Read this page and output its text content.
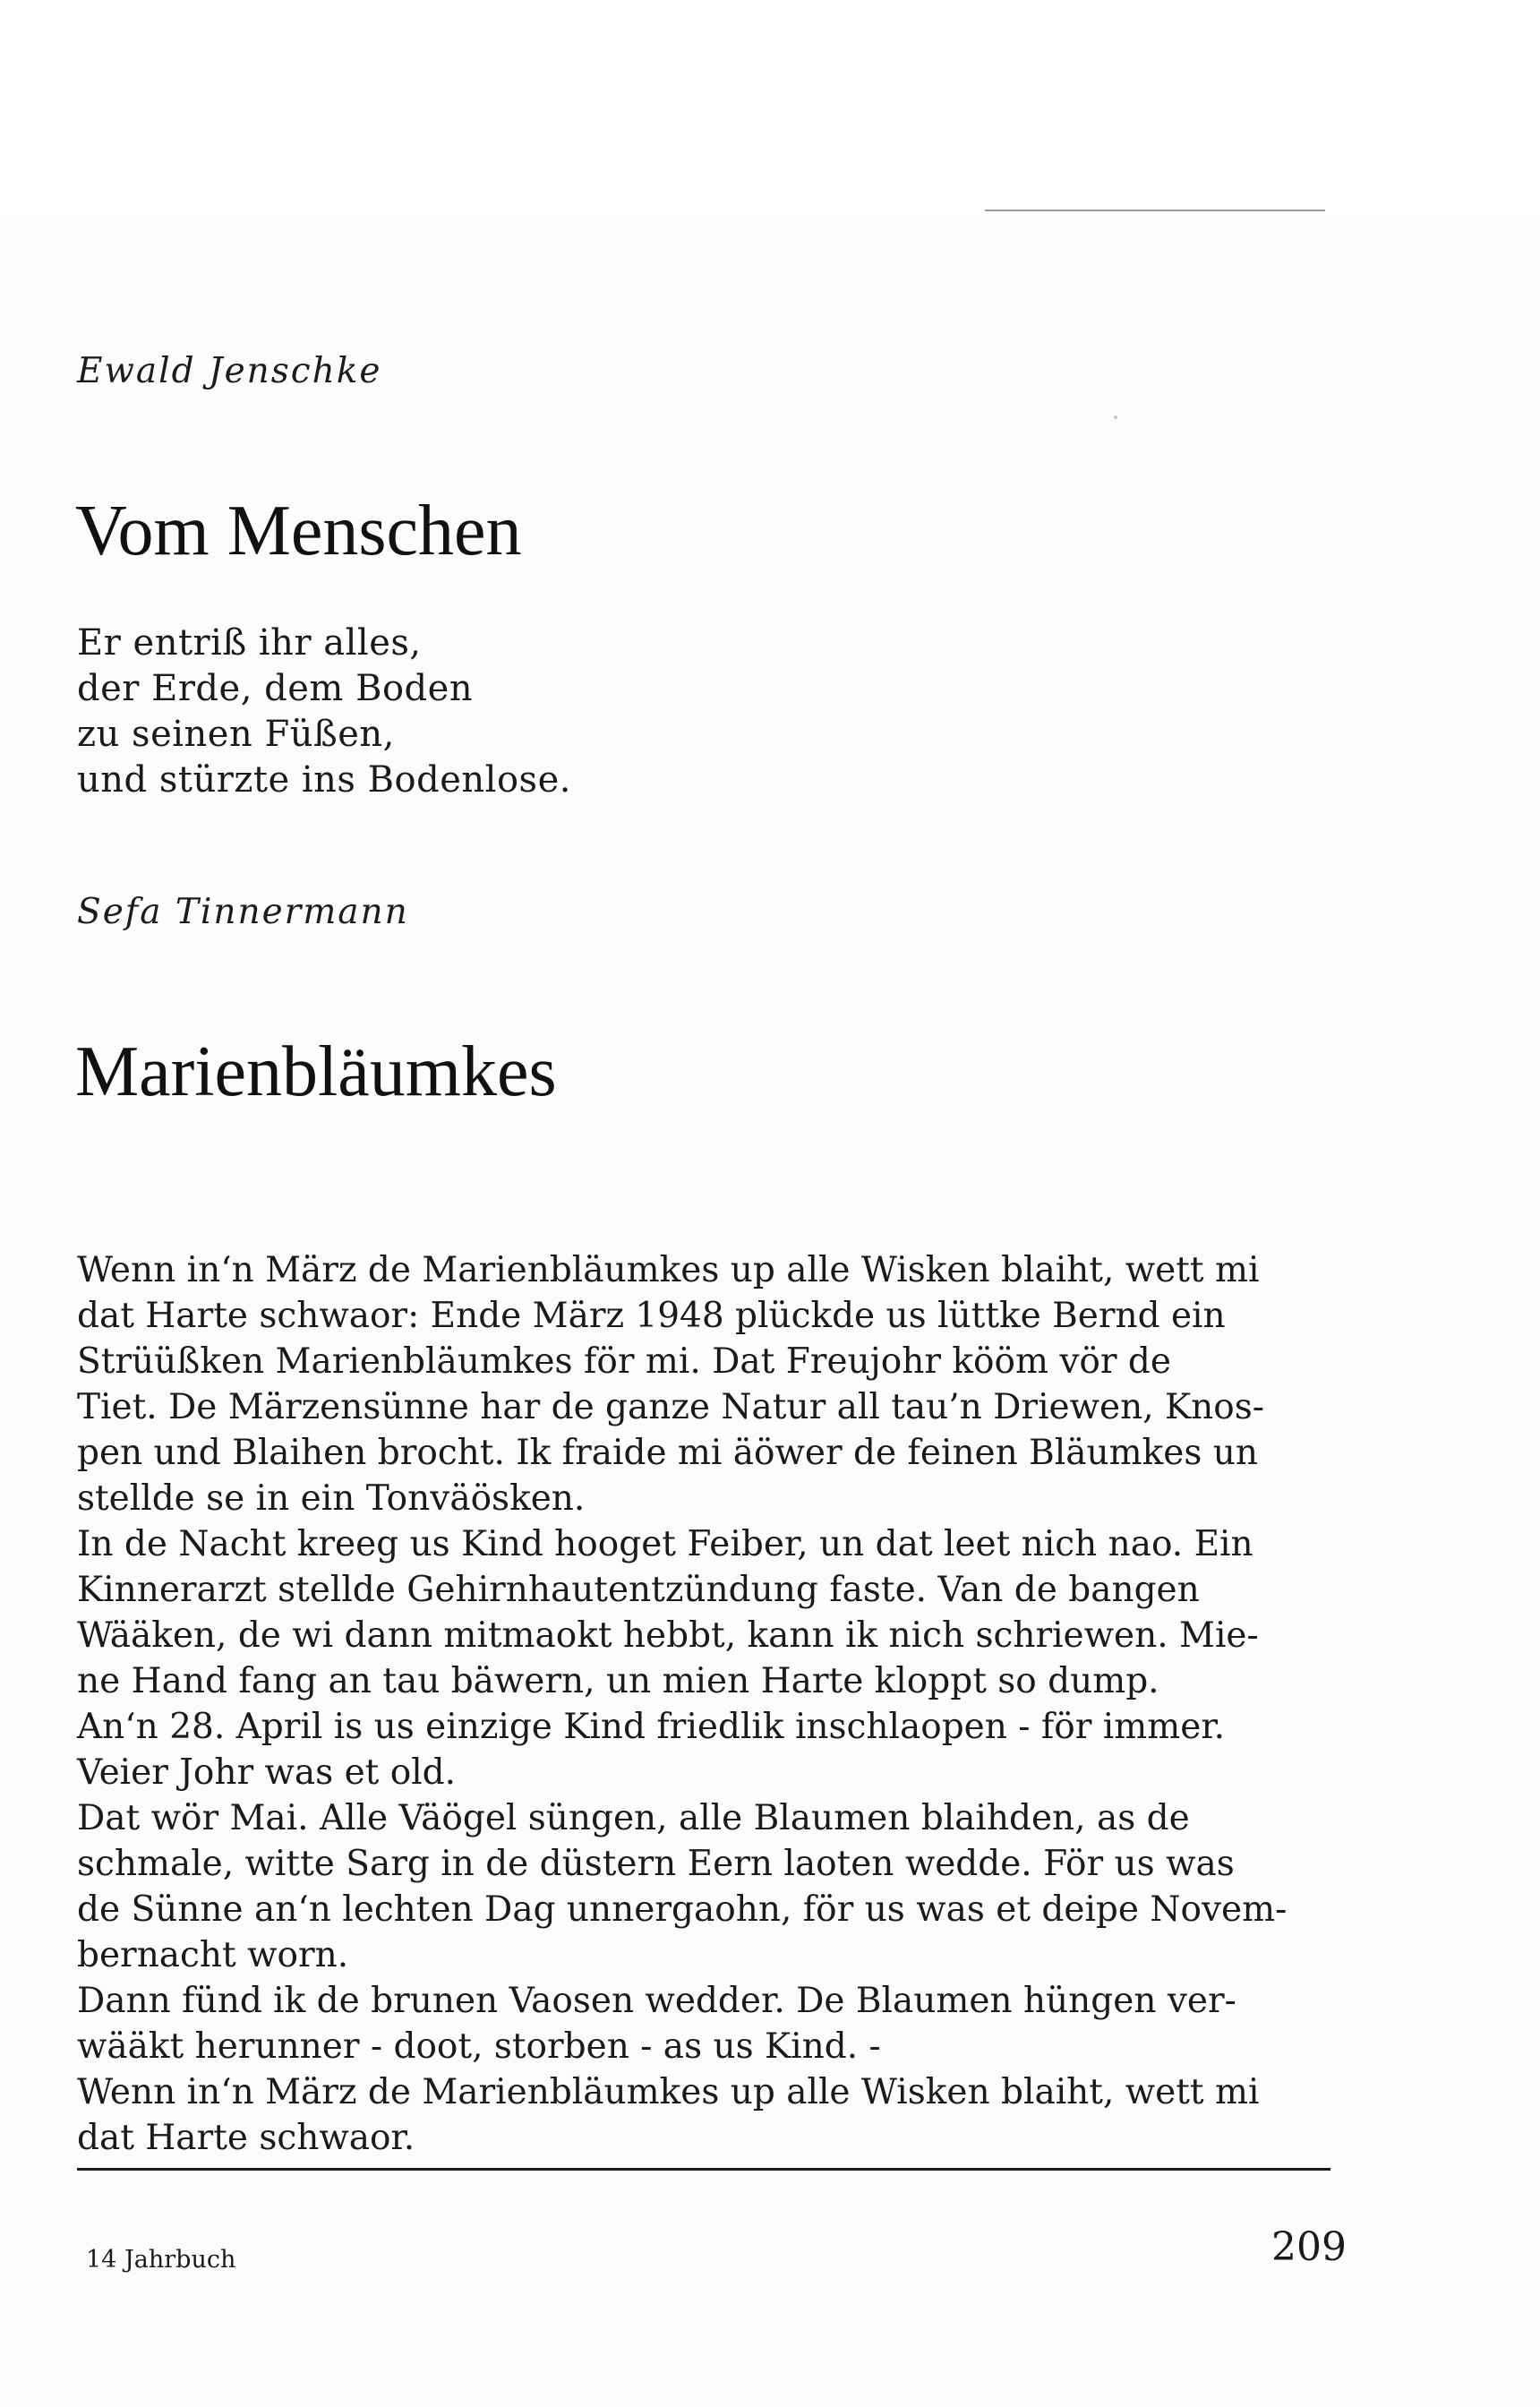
Ewald Jenschke

Vom Menschen
Er entriß ihr alles,
der Erde, dem Boden
zu seinen Füßen,
und stürzte ins Bodenlose.

Sefa Tinnermann

Marienbläumkes
Wenn in‘n März de Marienbläumkes up alle Wisken blaiht, wett mi
dat Harte schwaor: Ende März 1948 plückde us lüttke Bernd ein
Strüüßken Marienbläumkes för mi. Dat Freujohr kööm vör de
Tiet. De Märzensünne har de ganze Natur all tau’n Driewen, Knos-
pen und Blaihen brocht. Ik fraide mi äöwer de feinen Bläumkes un
stellde se in ein Tonväösken.
In de Nacht kreeg us Kind hooget Feiber, un dat leet nich nao. Ein
Kinnerarzt stellde Gehirnhautentzündung faste. Van de bangen
Wääken, de wi dann mitmaokt hebbt, kann ik nich schriewen. Mie-
ne Hand fang an tau bäwern, un mien Harte kloppt so dump.
An‘n 28. April is us einzige Kind friedlik inschlaopen - för immer.
Veier Johr was et old.
Dat wör Mai. Alle Väögel süngen, alle Blaumen blaihden, as de
schmale, witte Sarg in de düstern Eern laoten wedde. För us was
de Sünne an‘n lechten Dag unnergaohn, för us was et deipe Novem-
bernacht worn.
Dann fünd ik de brunen Vaosen wedder. De Blaumen hüngen ver-
wääkt herunner - doot, storben - as us Kind. -
Wenn in‘n März de Marienbläumkes up alle Wisken blaiht, wett mi
dat Harte schwaor.

14 Jahrbuch	209
